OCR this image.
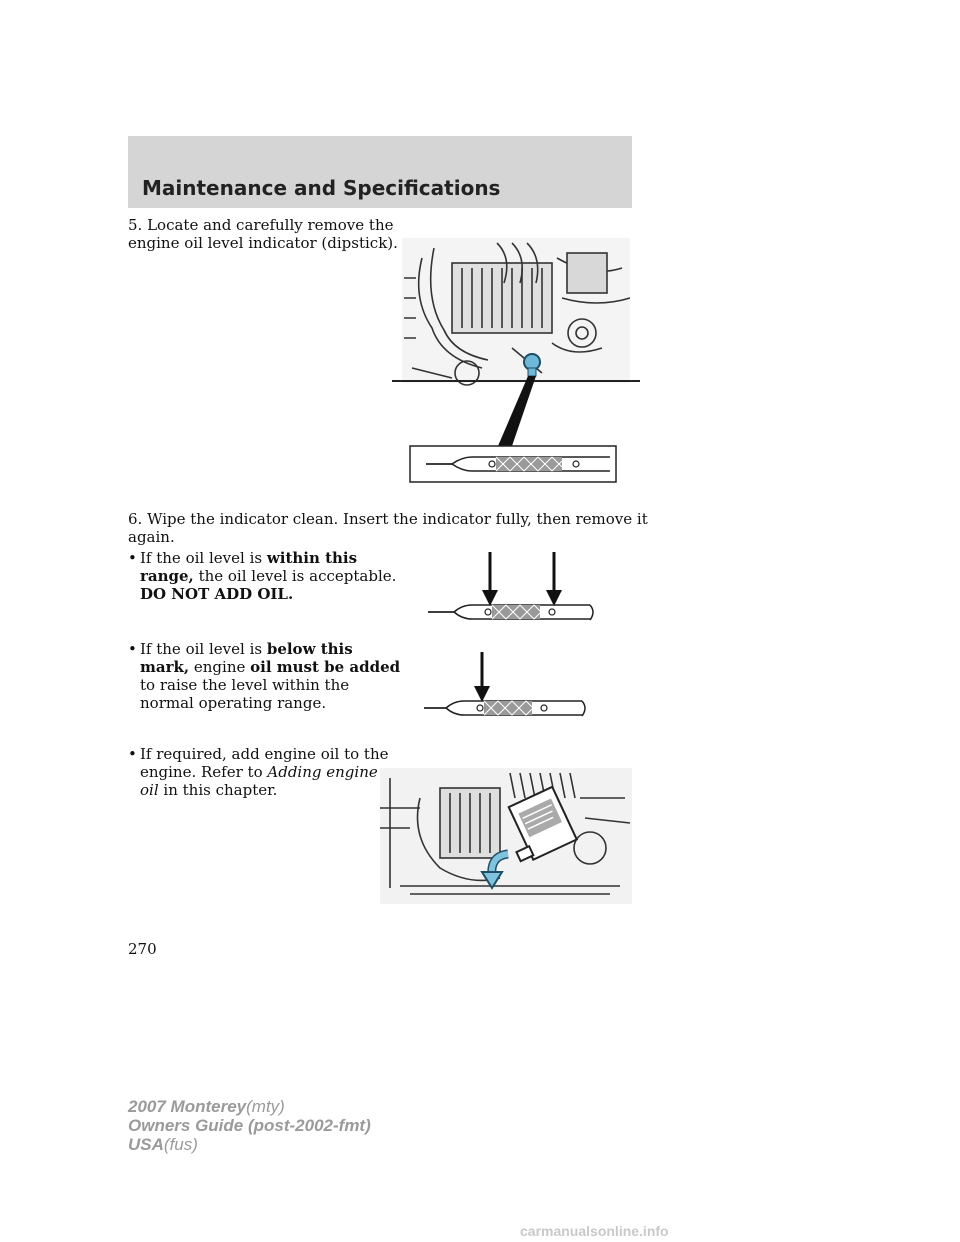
Maintenance and Specifications
5. Locate and carefully remove the
engine oil level indicator (dipstick).
6. Wipe the indicator clean. Insert the indicator fully, then remove it
again.
• If the oil level is within this
range, the oil level is acceptable.
DO NOT ADD OIL.
• If the oil level is below this
mark, engine oil must be added
to raise the level within the
normal operating range.
• If required, add engine oil to the
engine. Refer to Adding engine
oil in this chapter.
270
2007 Monterey(mty)
Owners Guide (post-2002-fmt)
USA(fus)
carmanualsonline.info
